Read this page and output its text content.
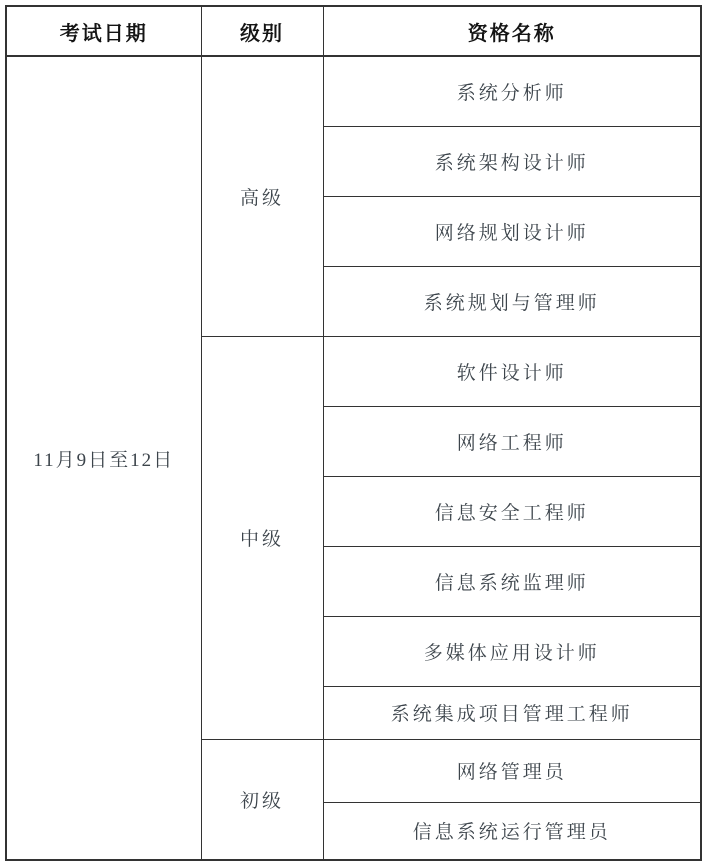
考试日期	级别	资格名称
11月9日至12日	高级	系统分析师
		系统架构设计师
		网络规划设计师
		系统规划与管理师
	中级	软件设计师
		网络工程师
		信息安全工程师
		信息系统监理师
		多媒体应用设计师
		系统集成项目管理工程师
	初级	网络管理员
		信息系统运行管理员
